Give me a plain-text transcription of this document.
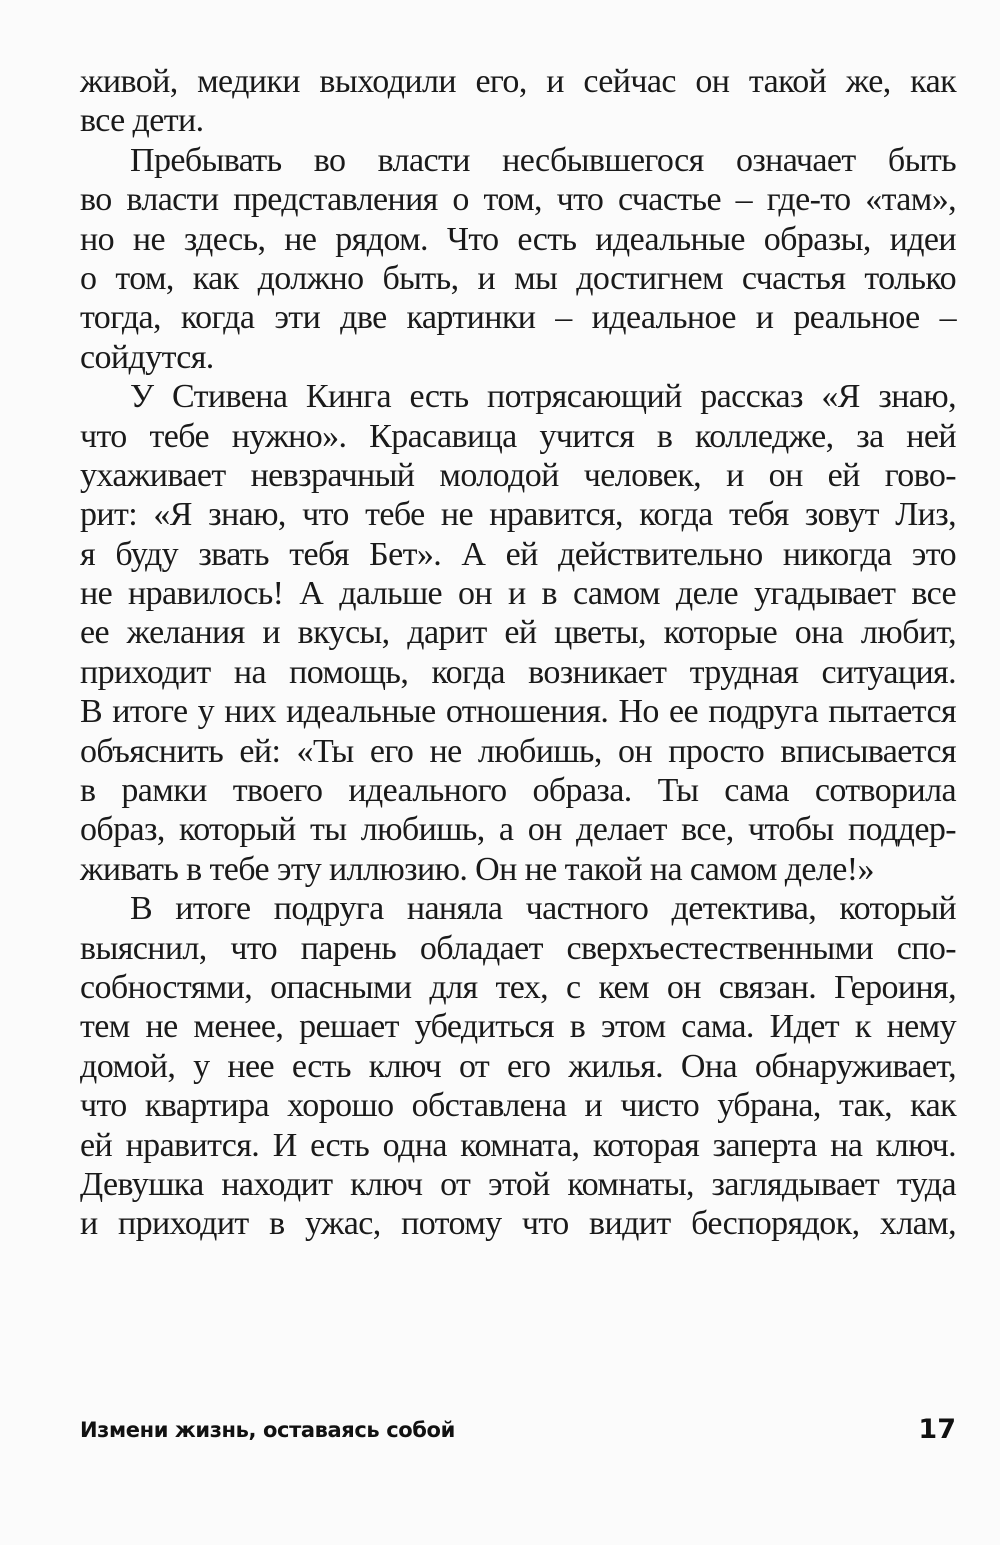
живой, медики выходили его, и сейчас он такой же, как
все дети.
Пребывать во власти несбывшегося означает быть
во власти представления о том, что счастье – где-то «там»,
но не здесь, не рядом. Что есть идеальные образы, идеи
о том, как должно быть, и мы достигнем счастья только
тогда, когда эти две картинки – идеальное и реальное –
сойдутся.
У Стивена Кинга есть потрясающий рассказ «Я знаю,
что тебе нужно». Красавица учится в колледже, за ней
ухаживает невзрачный молодой человек, и он ей гово-
рит: «Я знаю, что тебе не нравится, когда тебя зовут Лиз,
я буду звать тебя Бет». А ей действительно никогда это
не нравилось! А дальше он и в самом деле угадывает все
ее желания и вкусы, дарит ей цветы, которые она любит,
приходит на помощь, когда возникает трудная ситуация.
В итоге у них идеальные отношения. Но ее подруга пытается
объяснить ей: «Ты его не любишь, он просто вписывается
в рамки твоего идеального образа. Ты сама сотворила
образ, который ты любишь, а он делает все, чтобы поддер-
живать в тебе эту иллюзию. Он не такой на самом деле!»
В итоге подруга наняла частного детектива, который
выяснил, что парень обладает сверхъестественными спо-
собностями, опасными для тех, с кем он связан. Героиня,
тем не менее, решает убедиться в этом сама. Идет к нему
домой, у нее есть ключ от его жилья. Она обнаруживает,
что квартира хорошо обставлена и чисто убрана, так, как
ей нравится. И есть одна комната, которая заперта на ключ.
Девушка находит ключ от этой комнаты, заглядывает туда
и приходит в ужас, потому что видит беспорядок, хлам,
Измени жизнь, оставаясь собой	17
